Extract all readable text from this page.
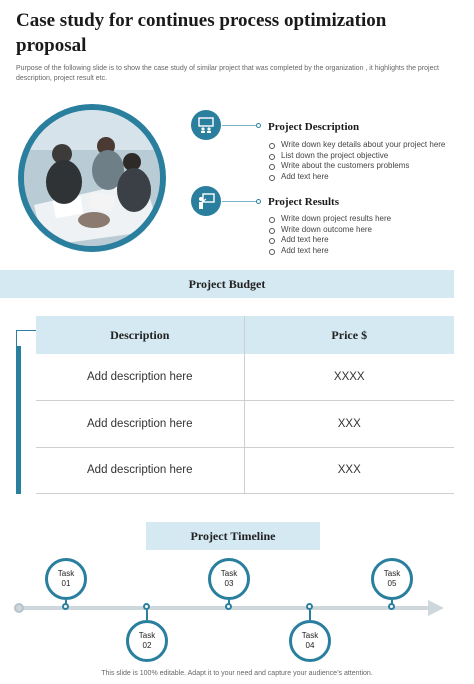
Case study for continues process optimization proposal
Purpose of the following slide is to show the case study of similar project that was completed by the organization , it highlights the project description, project result etc.
Project Description
Write down key details about your project here
List down the project objective
Write about the customers problems
Add text here
Project Results
Write down project results here
Write down outcome here
Add text here
Add text here
Project Budget
Description	Price $
Add description here	XXXX
Add description here	XXX
Add description here	XXX
Project Timeline
Task
01
Task
02
Task
03
Task
04
Task
05
This slide is 100% editable. Adapt it to your need and capture your audience’s attention.
